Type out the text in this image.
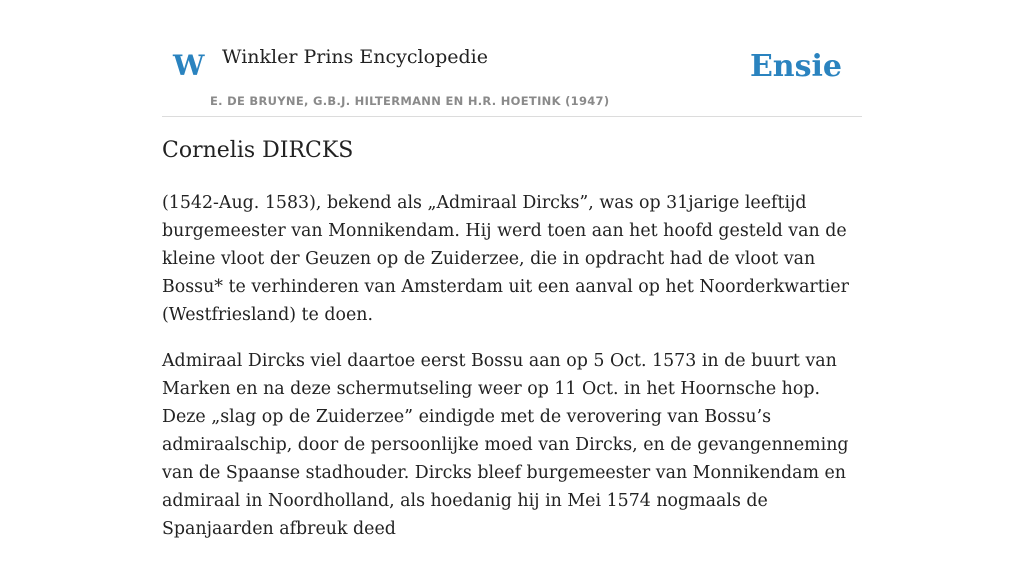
W Winkler Prins Encyclopedie
E. DE BRUYNE, G.B.J. HILTERMANN EN H.R. HOETINK (1947)
Ensie
Cornelis DIRCKS

(1542-Aug. 1583), bekend als „Admiraal Dircks”, was op 31jarige leeftijd burgemeester van Monnikendam. Hij werd toen aan het hoofd gesteld van de kleine vloot der Geuzen op de Zuiderzee, die in opdracht had de vloot van Bossu* te verhinderen van Amsterdam uit een aanval op het Noorderkwartier (Westfriesland) te doen.

Admiraal Dircks viel daartoe eerst Bossu aan op 5 Oct. 1573 in de buurt van Marken en na deze schermutseling weer op 11 Oct. in het Hoornsche hop. Deze „slag op de Zuiderzee” eindigde met de verovering van Bossu’s admiraalschip, door de persoonlijke moed van Dircks, en de gevangenneming van de Spaanse stadhouder. Dircks bleef burgemeester van Monnikendam en admiraal in Noordholland, als hoedanig hij in Mei 1574 nogmaals de Spanjaarden afbreuk deed
